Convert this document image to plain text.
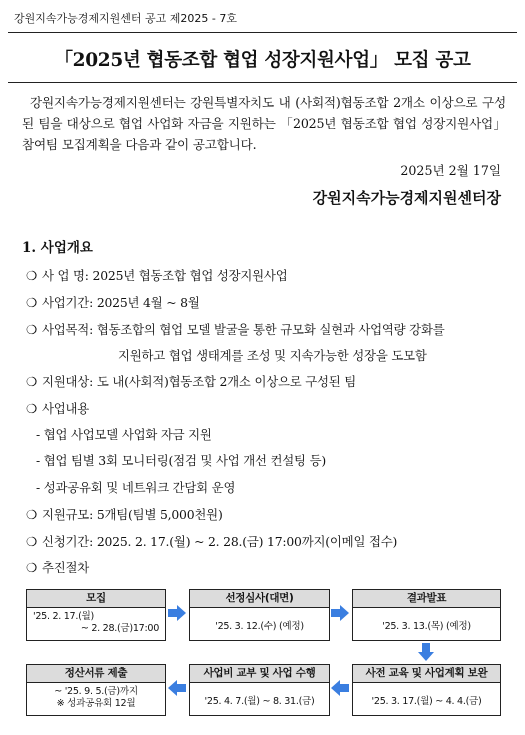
강원지속가능경제지원센터 공고 제2025 - 7호
「2025년 협동조합 협업 성장지원사업」 모집 공고
강원지속가능경제지원센터는 강원특별자치도 내 (사회적)협동조합 2개소 이상으로 구성된 팀을 대상으로 협업 사업화 자금을 지원하는 「2025년 협동조합 협업 성장지원사업」 참여팀 모집계획을 다음과 같이 공고합니다.
2025년 2월 17일
강원지속가능경제지원센터장
1. 사업개요
❍ 사 업 명: 2025년 협동조합 협업 성장지원사업
❍ 사업기간: 2025년 4월 ~ 8월
❍ 사업목적: 협동조합의 협업 모델 발굴을 통한 규모화 실현과 사업역량 강화를
지원하고 협업 생태계를 조성 및 지속가능한 성장을 도모함
❍ 지원대상: 도 내(사회적)협동조합 2개소 이상으로 구성된 팀
❍ 사업내용
- 협업 사업모델 사업화 자금 지원
- 협업 팀별 3회 모니터링(점검 및 사업 개선 컨설팅 등)
- 성과공유회 및 네트워크 간담회 운영
❍ 지원규모: 5개팀(팀별 5,000천원)
❍ 신청기간: 2025. 2. 17.(월) ~ 2. 28.(금) 17:00까지(이메일 접수)
❍ 추진절차
모집
'25. 2. 17.(월)
~ 2. 28.(금)17:00
선정심사(대면)
'25. 3. 12.(수) (예정)
결과발표
'25. 3. 13.(목) (예정)
사전 교육 및 사업계획 보완
'25. 3. 17.(월) ~ 4. 4.(금)
사업비 교부 및 사업 수행
'25. 4. 7.(월) ~ 8. 31.(금)
정산서류 제출
~ '25. 9. 5.(금)까지
※ 성과공유회 12월
